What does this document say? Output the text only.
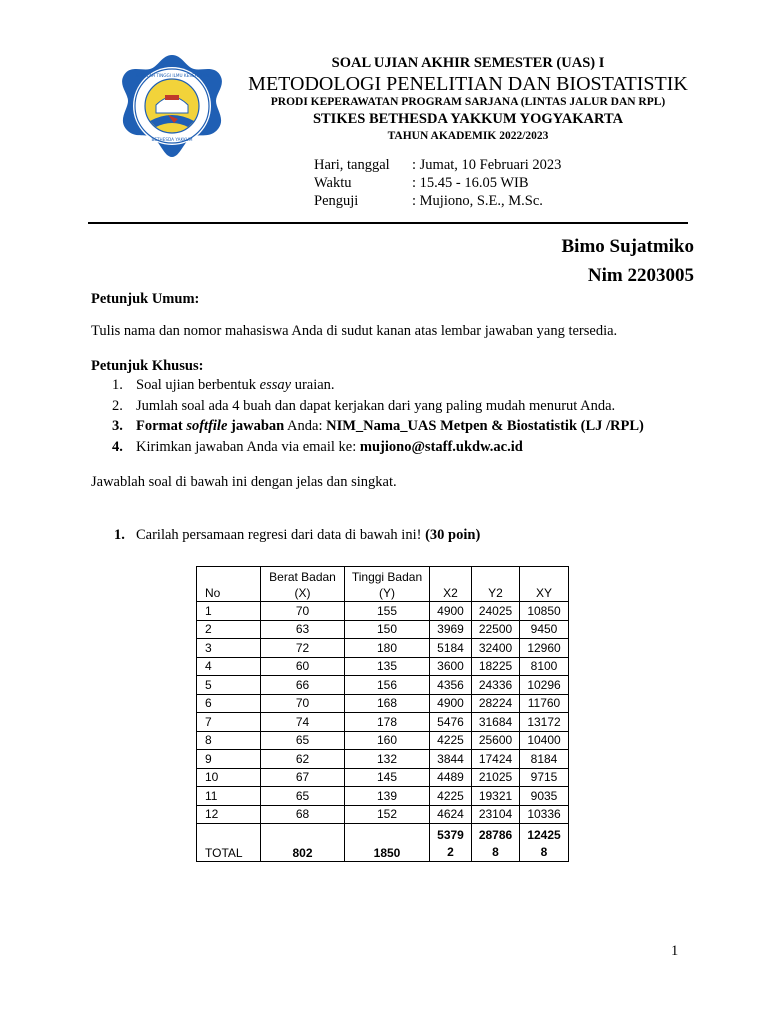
SEKOLAH TINGGI ILMU KESEHATAN
BETHESDA YAKKUM
SOAL UJIAN AKHIR SEMESTER (UAS) I
METODOLOGI PENELITIAN DAN BIOSTATISTIK
PRODI KEPERAWATAN PROGRAM SARJANA (LINTAS JALUR DAN RPL)
STIKES BETHESDA YAKKUM YOGYAKARTA
TAHUN AKADEMIK 2022/2023
Hari, tanggal	: Jumat, 10 Februari 2023
Waktu	: 15.45 - 16.05 WIB
Penguji	: Mujiono, S.E., M.Sc.
Bimo Sujatmiko
Nim 2203005
Petunjuk Umum:
Tulis nama dan nomor mahasiswa Anda di sudut kanan atas lembar jawaban yang tersedia.
Petunjuk Khusus:
1. Soal ujian berbentuk essay uraian.
2. Jumlah soal ada 4 buah dan dapat kerjakan dari yang paling mudah menurut Anda.
3. Format softfile jawaban Anda: NIM_Nama_UAS Metpen & Biostatistik (LJ /RPL)
4. Kirimkan jawaban Anda via email ke: mujiono@staff.ukdw.ac.id
Jawablah soal di bawah ini dengan jelas dan singkat.
1. Carilah persamaan regresi dari data di bawah ini! (30 poin)
No	Berat Badan (X)	Tinggi Badan (Y)	X2	Y2	XY
1	70	155	4900	24025	10850
2	63	150	3969	22500	9450
3	72	180	5184	32400	12960
4	60	135	3600	18225	8100
5	66	156	4356	24336	10296
6	70	168	4900	28224	11760
7	74	178	5476	31684	13172
8	65	160	4225	25600	10400
9	62	132	3844	17424	8184
10	67	145	4489	21025	9715
11	65	139	4225	19321	9035
12	68	152	4624	23104	10336
TOTAL	802	1850	53792	287868	124258
1
